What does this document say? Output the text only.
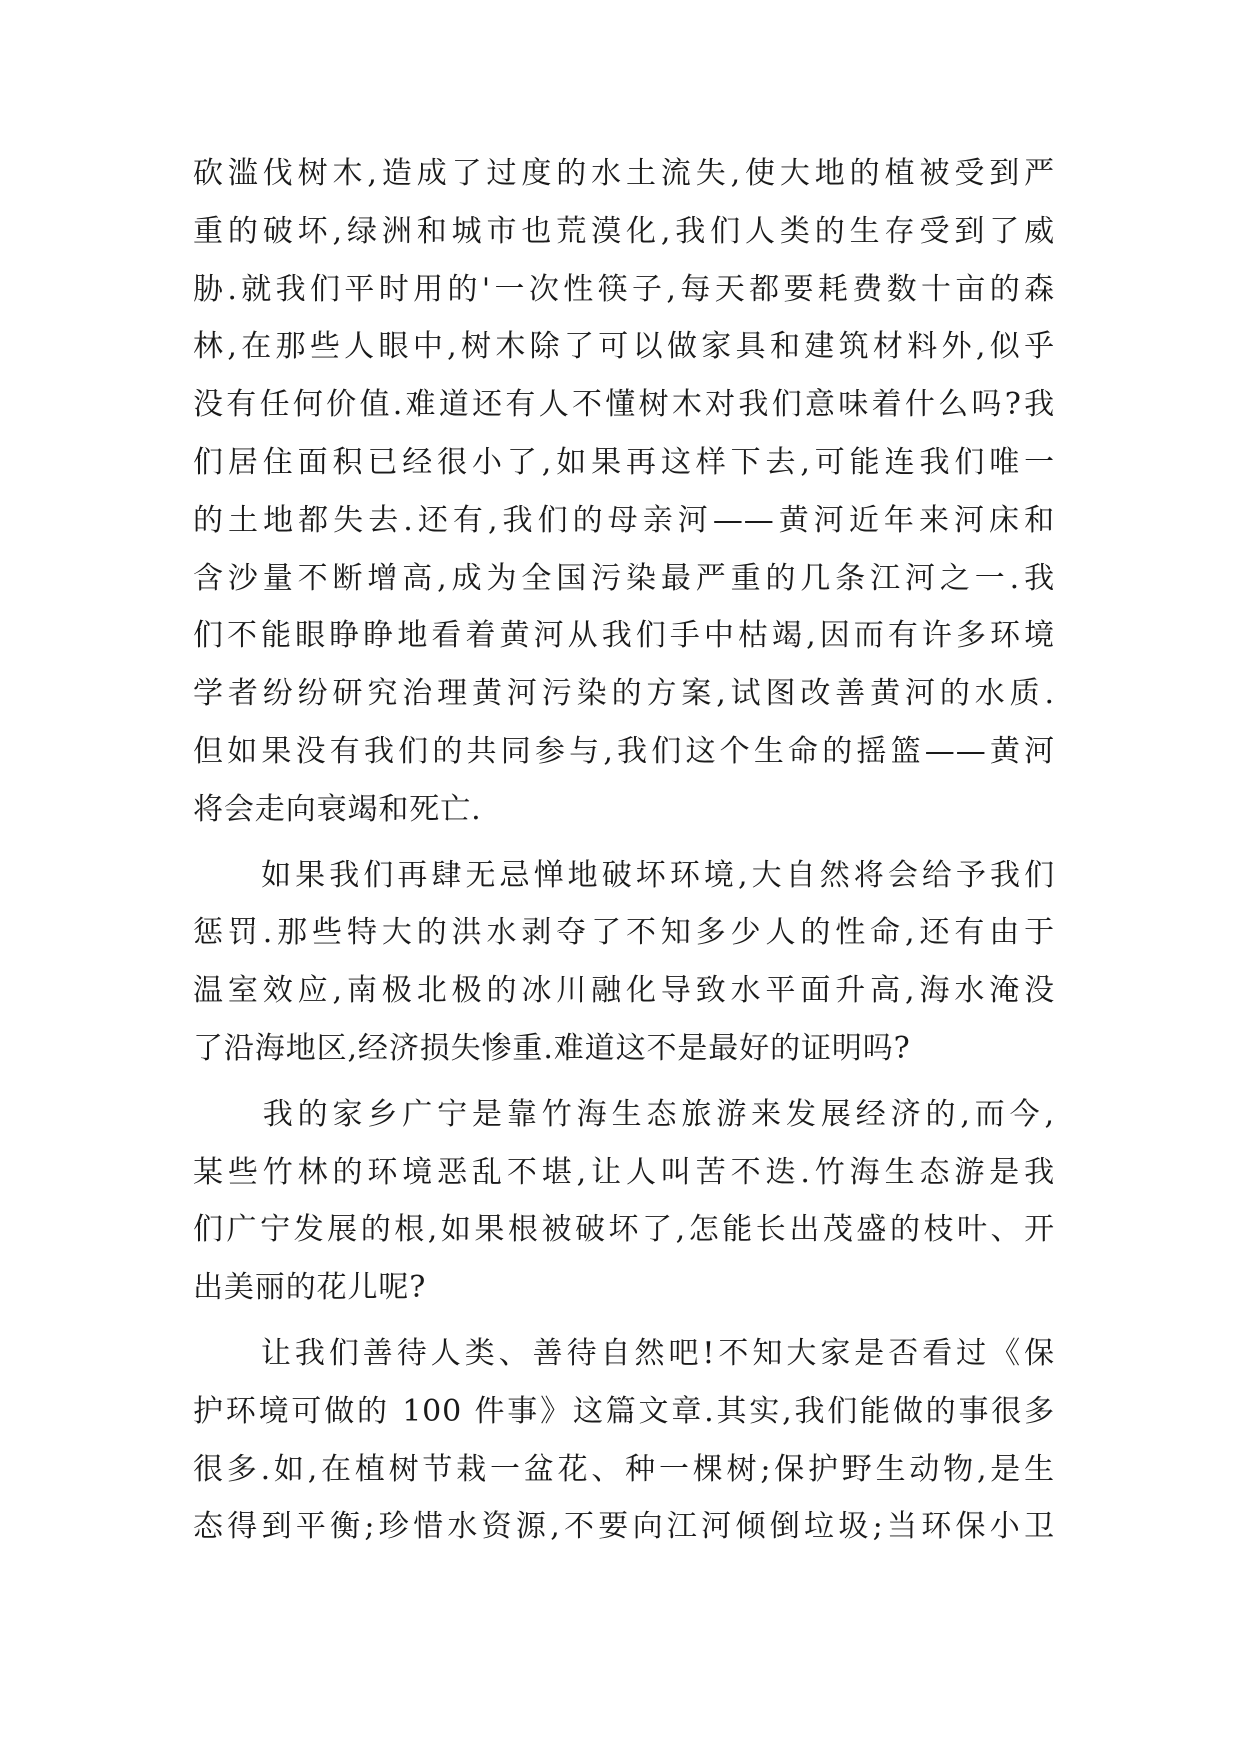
砍滥伐树木,造成了过度的水土流失,使大地的植被受到严
重的破坏,绿洲和城市也荒漠化,我们人类的生存受到了威
胁.就我们平时用的'一次性筷子,每天都要耗费数十亩的森
林,在那些人眼中,树木除了可以做家具和建筑材料外,似乎
没有任何价值.难道还有人不懂树木对我们意味着什么吗?我
们居住面积已经很小了,如果再这样下去,可能连我们唯一
的土地都失去.还有,我们的母亲河——黄河近年来河床和
含沙量不断增高,成为全国污染最严重的几条江河之一.我
们不能眼睁睁地看着黄河从我们手中枯竭,因而有许多环境
学者纷纷研究治理黄河污染的方案,试图改善黄河的水质.
但如果没有我们的共同参与,我们这个生命的摇篮——黄河
将会走向衰竭和死亡.
　　如果我们再肆无忌惮地破坏环境,大自然将会给予我们
惩罚.那些特大的洪水剥夺了不知多少人的性命,还有由于
温室效应,南极北极的冰川融化导致水平面升高,海水淹没
了沿海地区,经济损失惨重.难道这不是最好的证明吗?
　　我的家乡广宁是靠竹海生态旅游来发展经济的,而今,
某些竹林的环境恶乱不堪,让人叫苦不迭.竹海生态游是我
们广宁发展的根,如果根被破坏了,怎能长出茂盛的枝叶、开
出美丽的花儿呢?
　　让我们善待人类、善待自然吧!不知大家是否看过《保
护环境可做的 100 件事》这篇文章.其实,我们能做的事很多
很多.如,在植树节栽一盆花、种一棵树;保护野生动物,是生
态得到平衡;珍惜水资源,不要向江河倾倒垃圾;当环保小卫
